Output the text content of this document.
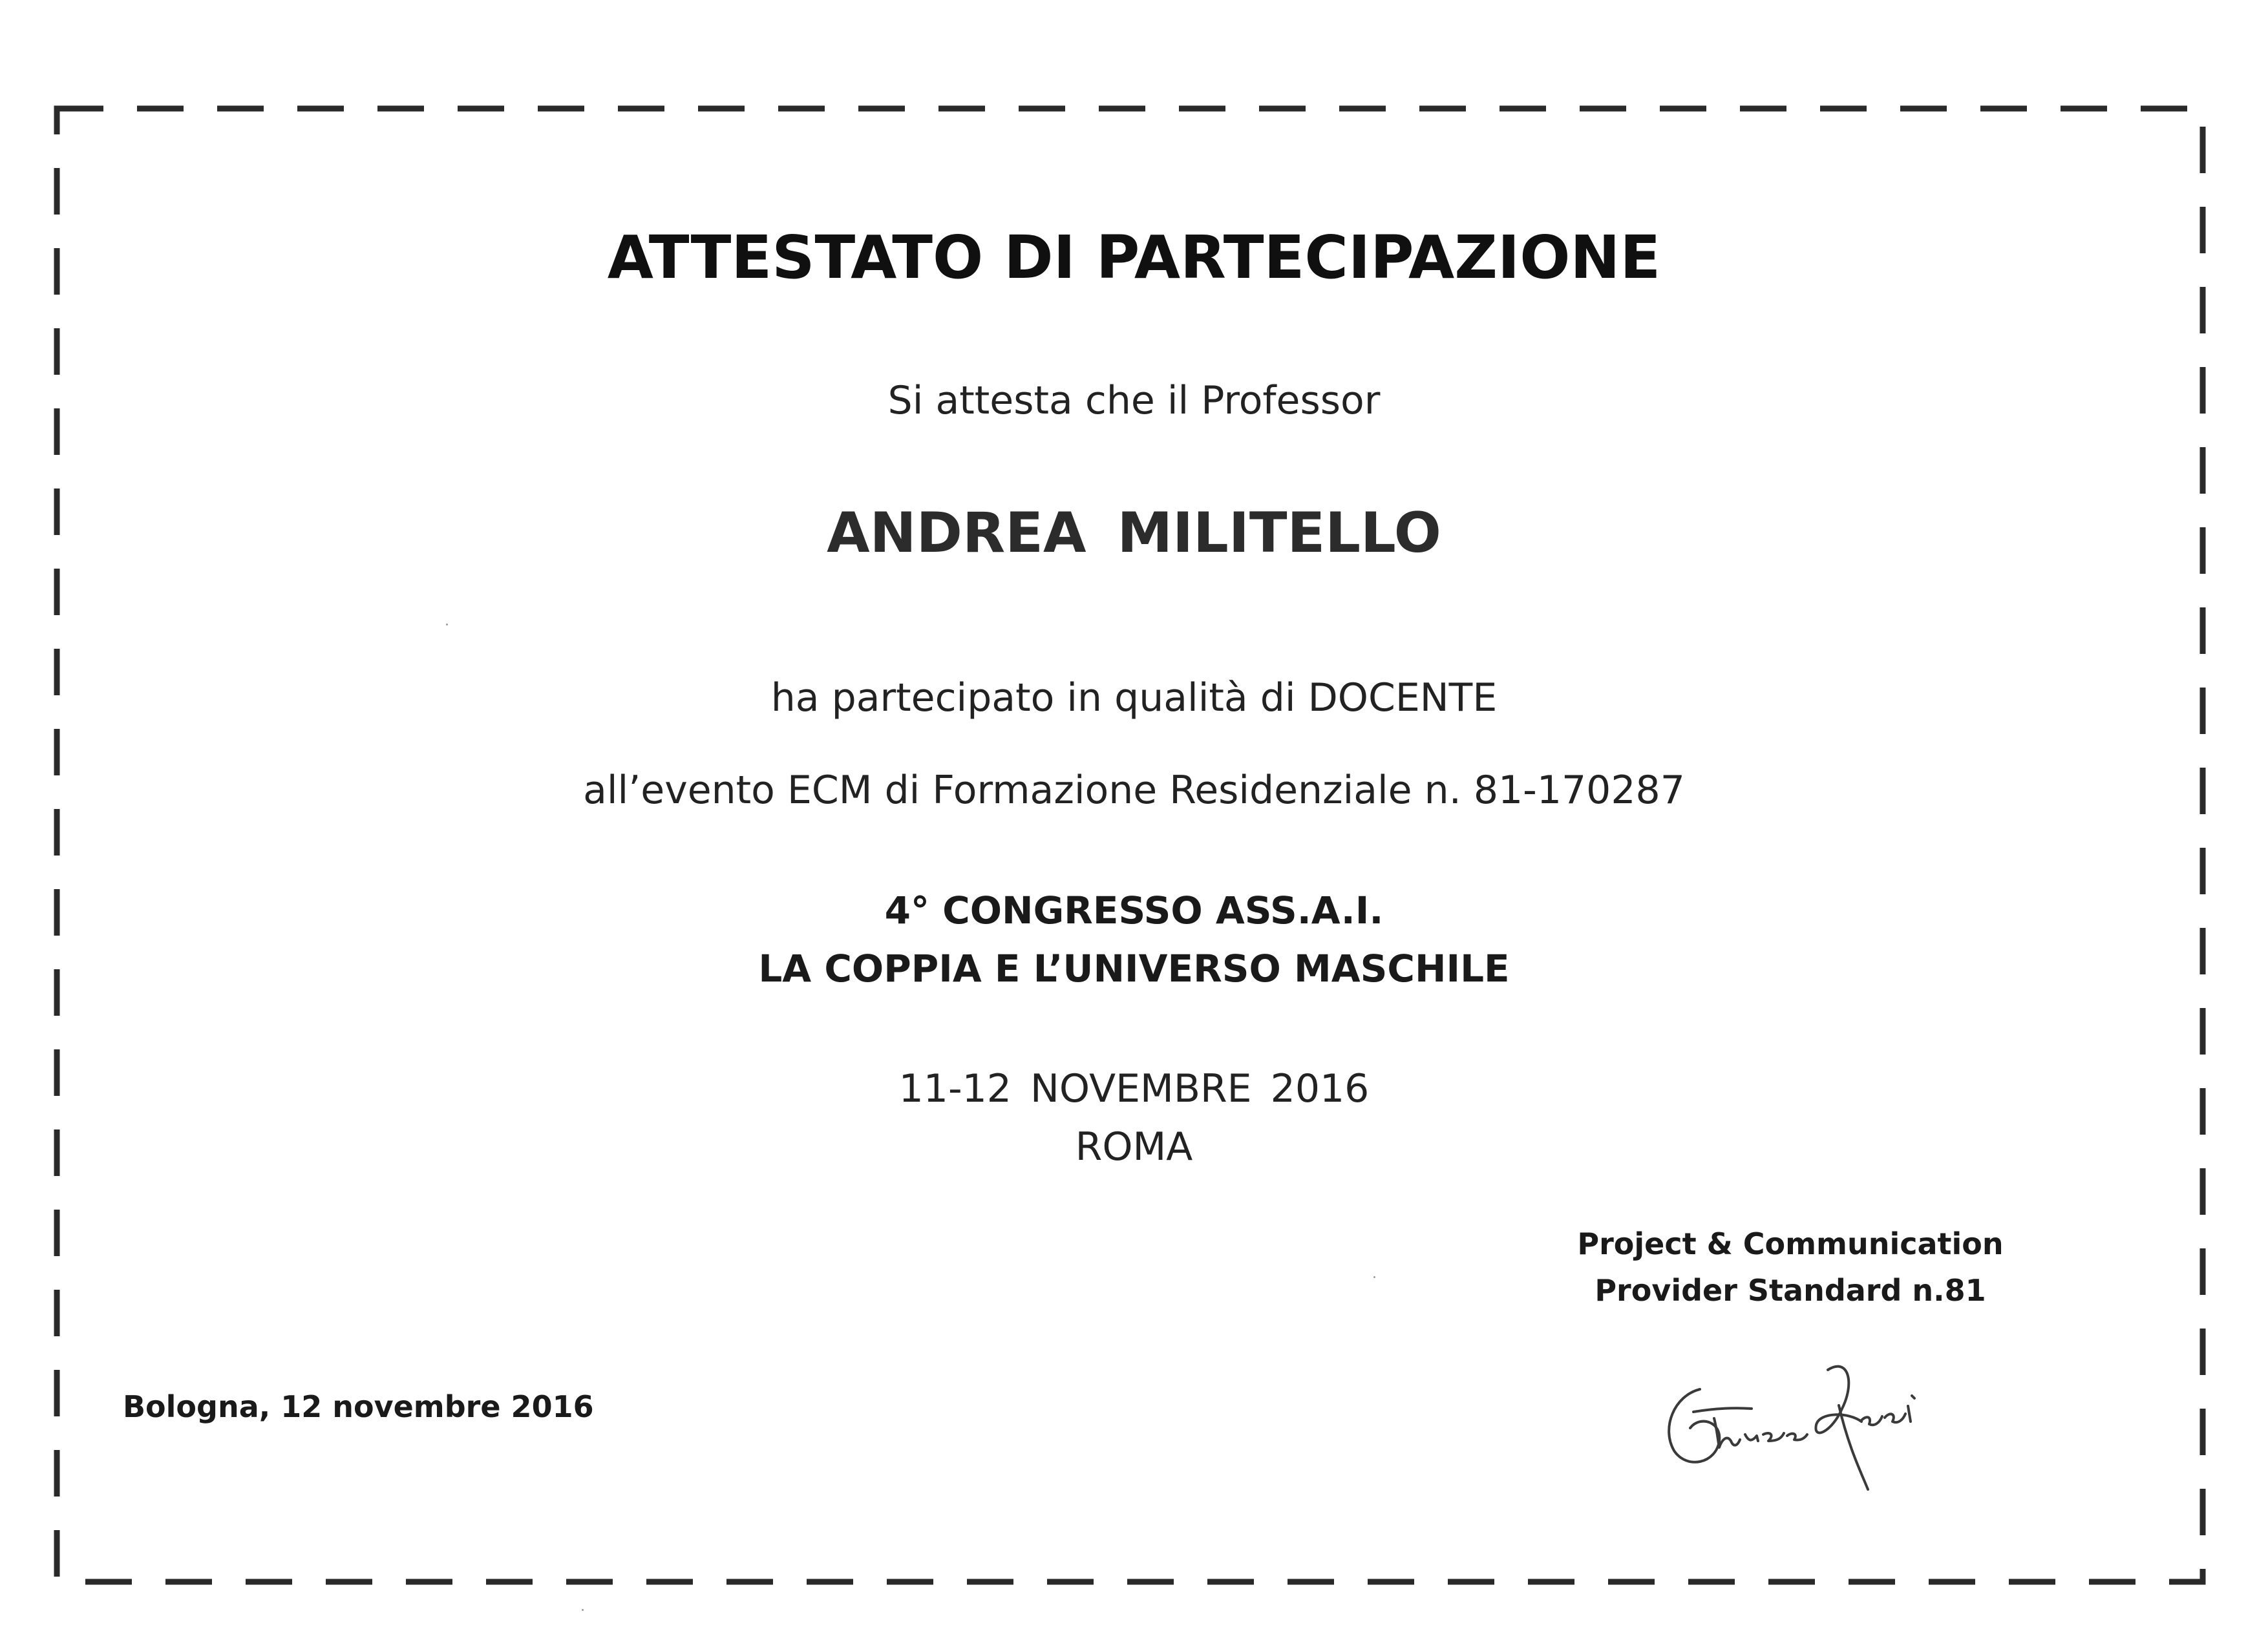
ATTESTATO DI PARTECIPAZIONE
Si attesta che il Professor
ANDREA MILITELLO
ha partecipato in qualità di DOCENTE
all’evento ECM di Formazione Residenziale n. 81-170287
4° CONGRESSO ASS.A.I.
LA COPPIA E L’UNIVERSO MASCHILE
11-12 NOVEMBRE 2016
ROMA
Project & Communication
Provider Standard n.81
Bologna, 12 novembre 2016
